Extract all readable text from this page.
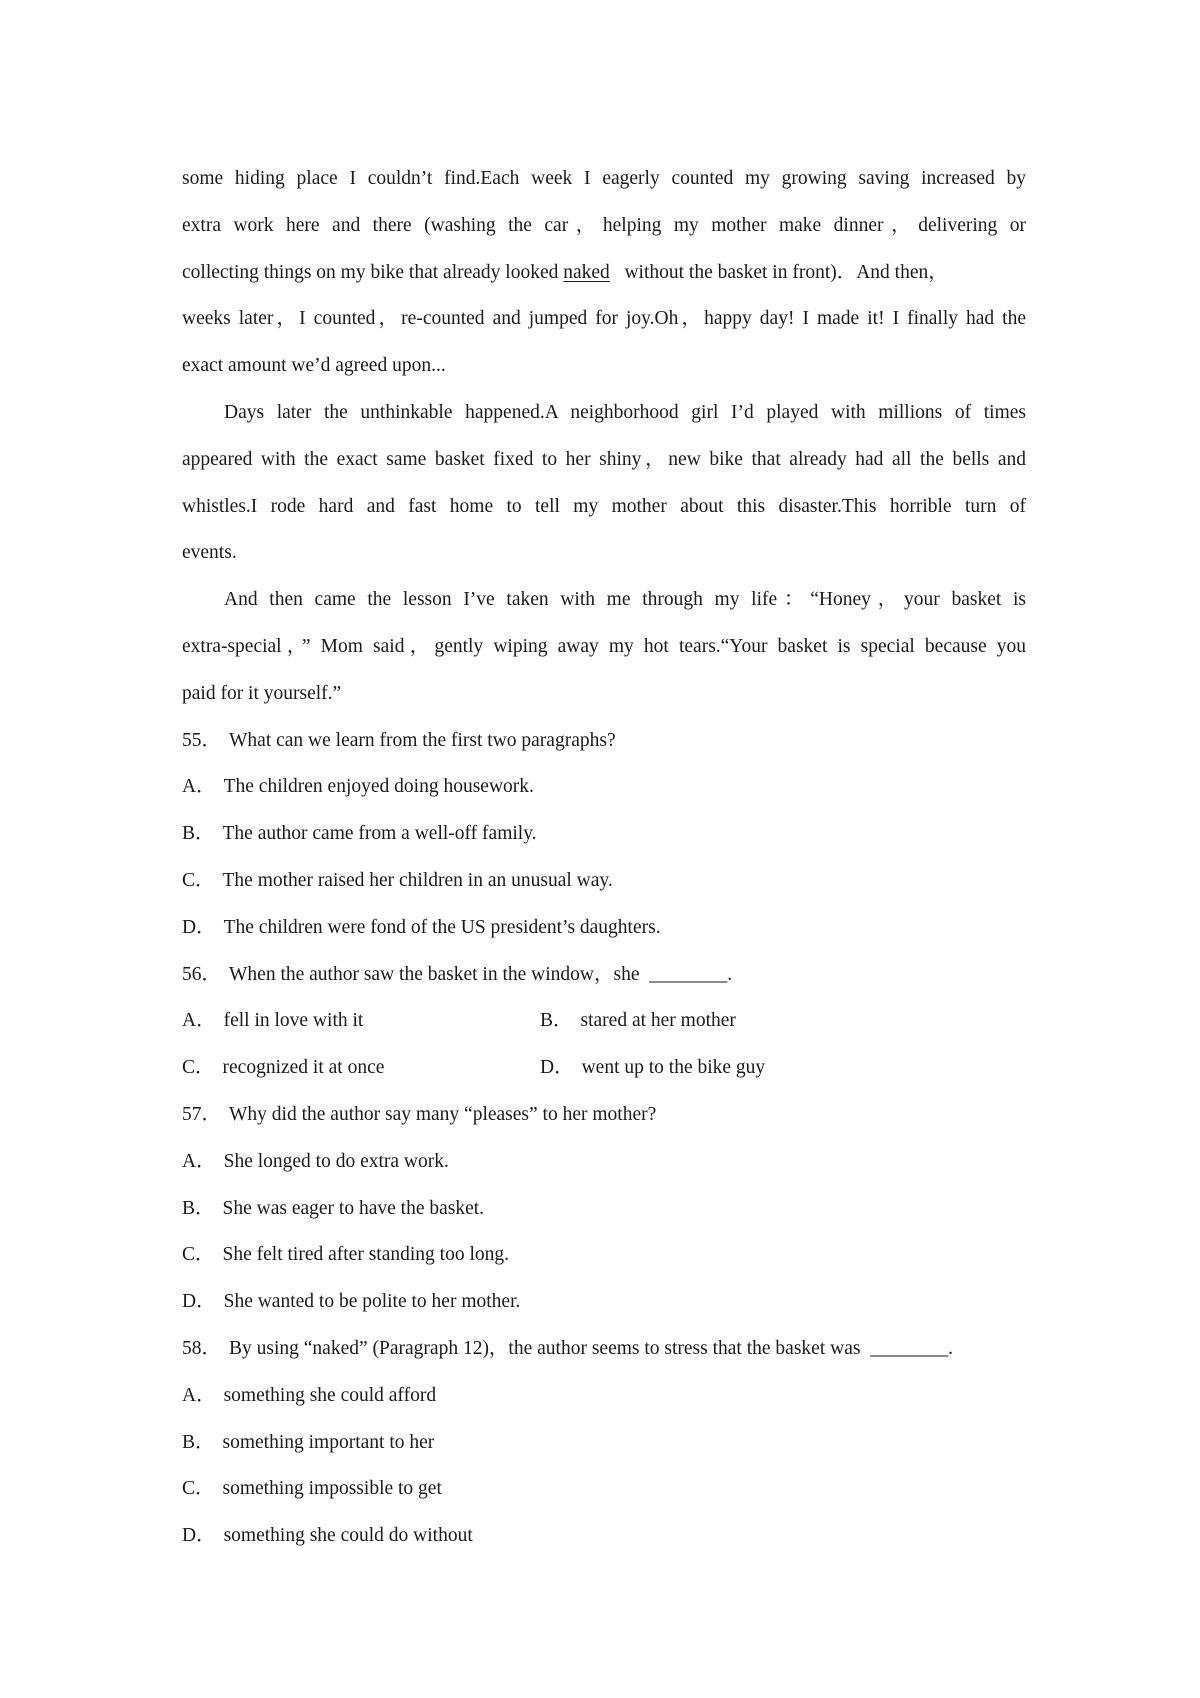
some hiding place I couldn’t find.Each week I eagerly counted my growing saving increased by
extra work here and there (washing the car，helping my mother make dinner，delivering or
collecting things on my bike that already looked naked   without the basket in front)．And then，
weeks later，I counted，re-counted and jumped for joy.Oh，happy day! I made it! I finally had the
exact amount we’d agreed upon...
Days later the unthinkable happened.A neighborhood girl I’d played with millions of times
appeared with the exact same basket fixed to her shiny，new bike that already had all the bells and
whistles.I rode hard and fast home to tell my mother about this disaster.This horrible turn of
events.
And then came the lesson I’ve taken with me through my life：“Honey，your basket is
extra-special，” Mom said，gently wiping away my hot tears.“Your basket is special because you
paid for it yourself.”
55． What can we learn from the first two paragraphs?
A． The children enjoyed doing housework.
B． The author came from a well-off family.
C． The mother raised her children in an unusual way.
D． The children were fond of the US president’s daughters.
56． When the author saw the basket in the window，she  ________.
A． fell in love with it	B． stared at her mother
C． recognized it at once	D． went up to the bike guy
57． Why did the author say many “pleases” to her mother?
A． She longed to do extra work.
B． She was eager to have the basket.
C． She felt tired after standing too long.
D． She wanted to be polite to her mother.
58． By using “naked” (Paragraph 12)，the author seems to stress that the basket was  ________.
A． something she could afford
B． something important to her
C． something impossible to get
D． something she could do without
